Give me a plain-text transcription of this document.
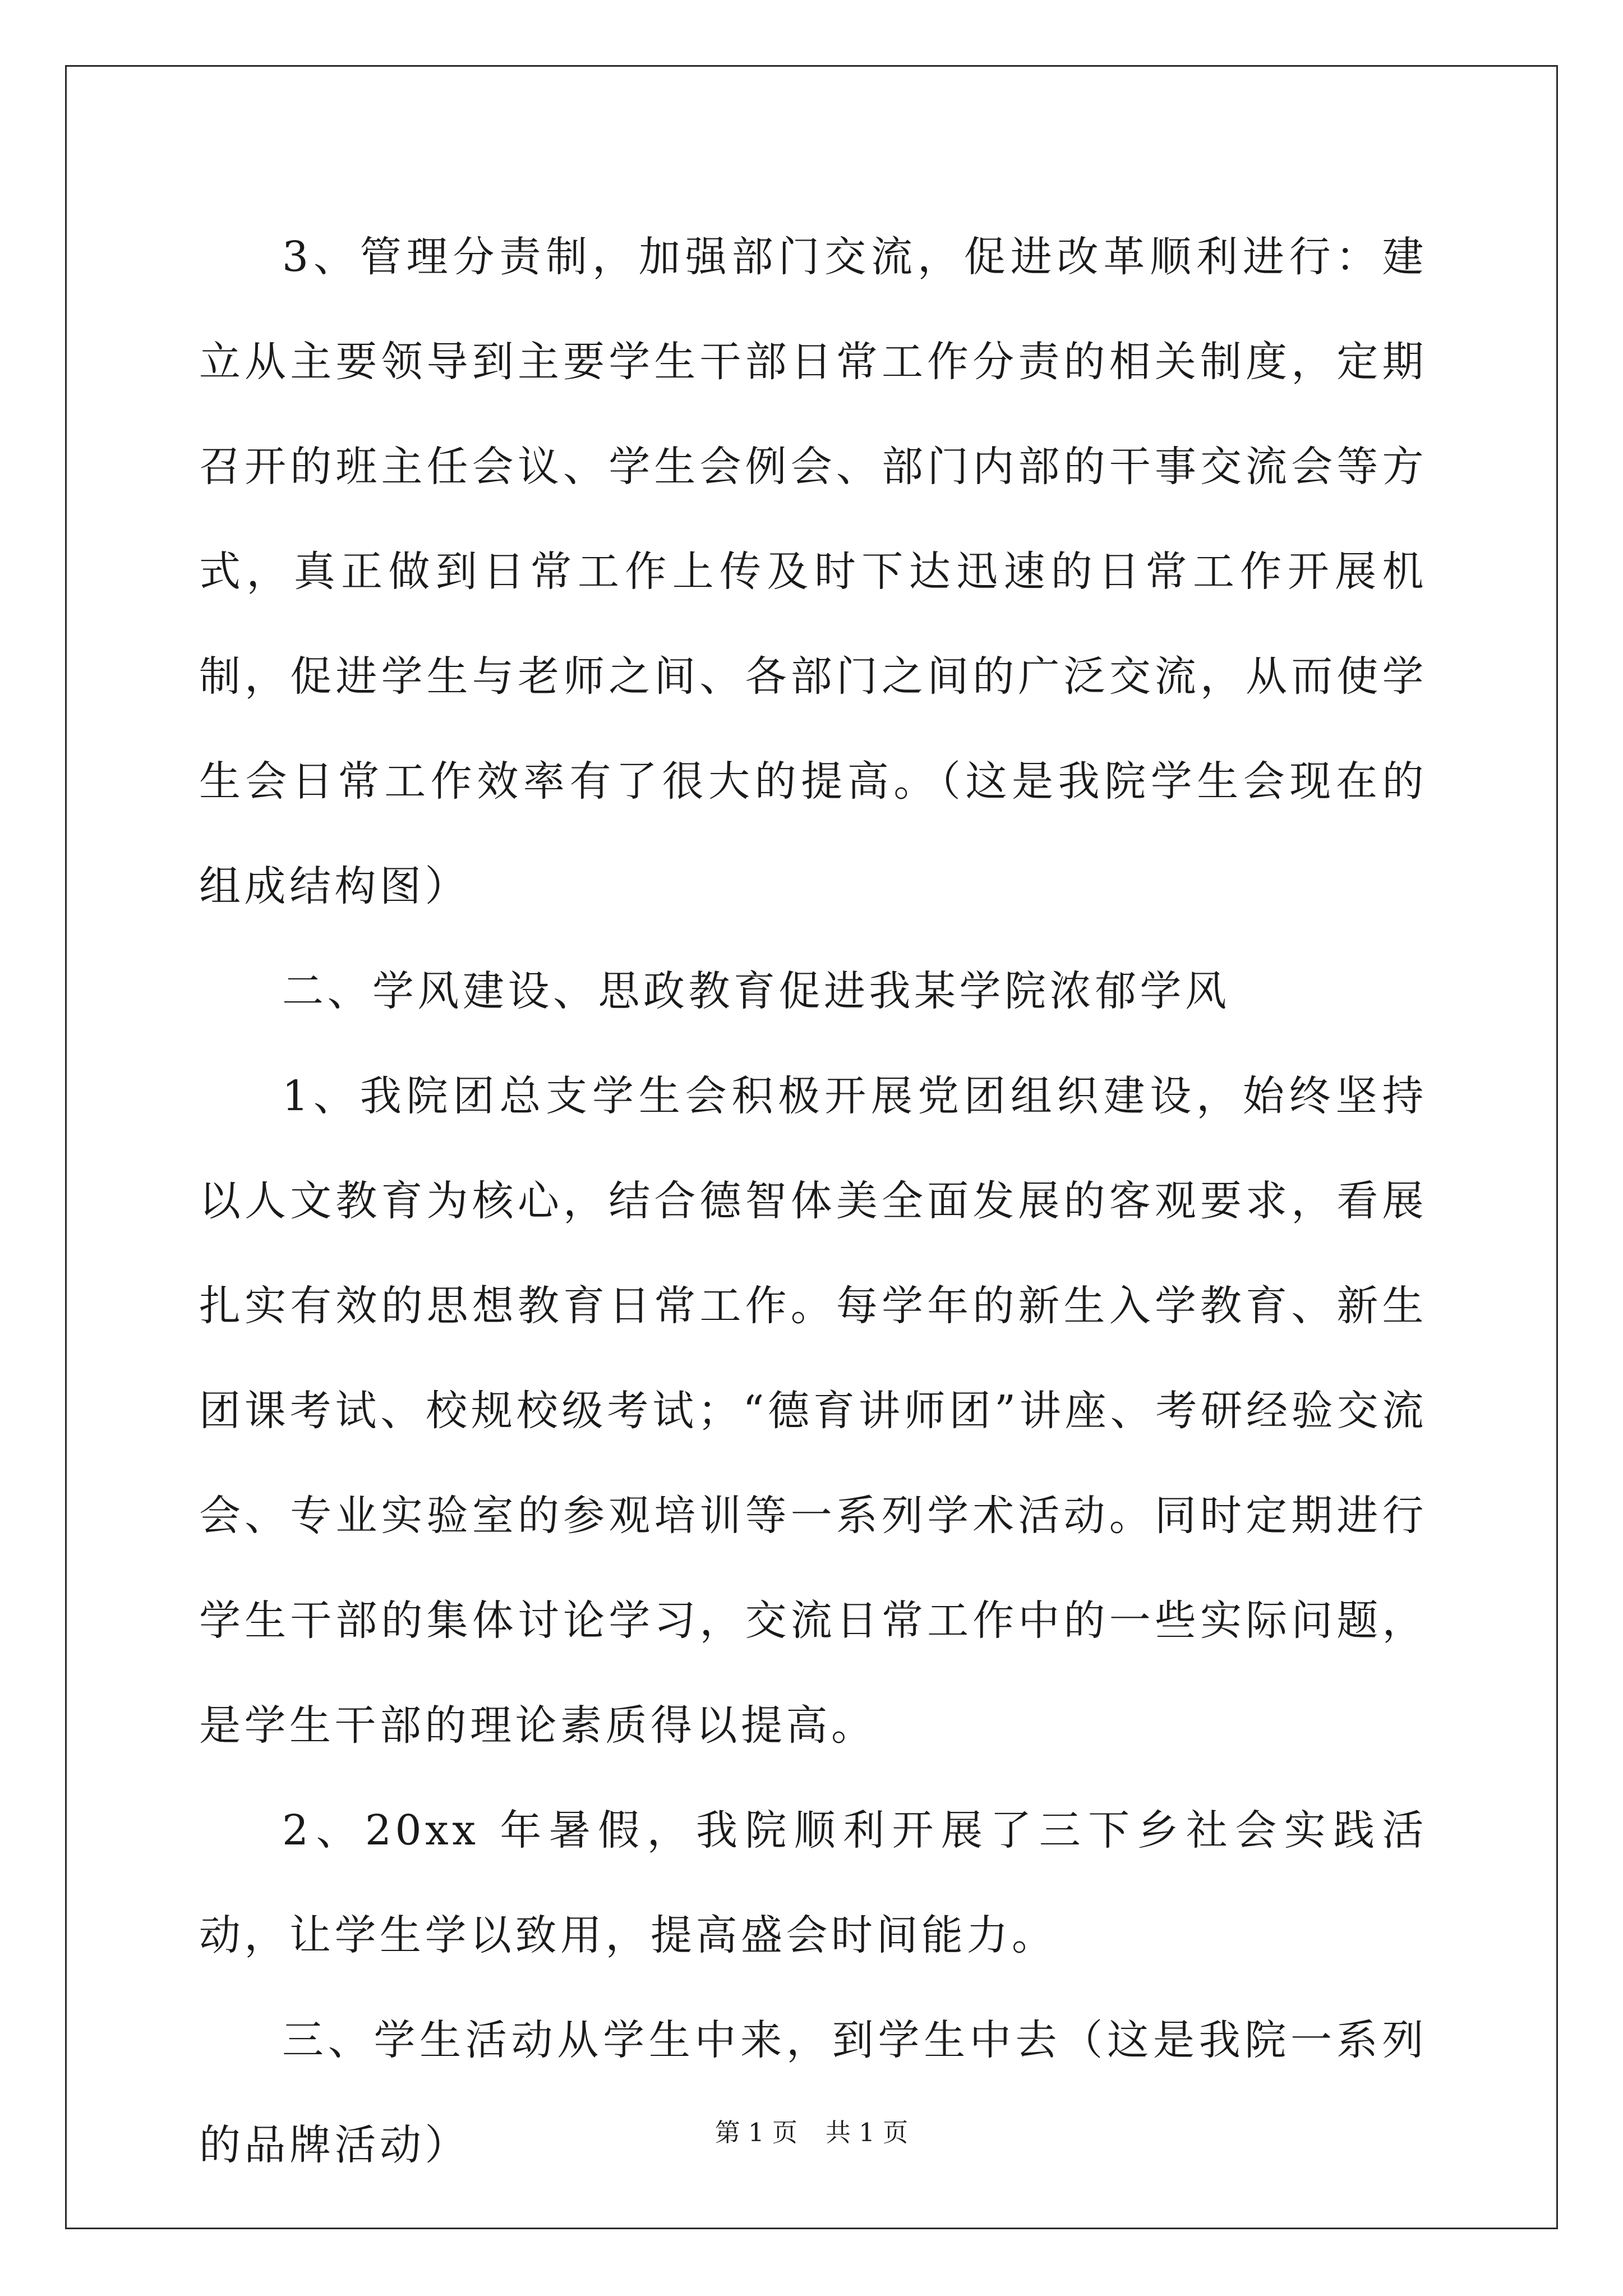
3、管理分责制，加强部门交流，促进改革顺利进行：建立从主要领导到主要学生干部日常工作分责的相关制度，定期召开的班主任会议、学生会例会、部门内部的干事交流会等方式，真正做到日常工作上传及时下达迅速的日常工作开展机制，促进学生与老师之间、各部门之间的广泛交流，从而使学生会日常工作效率有了很大的提高。（这是我院学生会现在的组成结构图）

二、学风建设、思政教育促进我某学院浓郁学风

1、我院团总支学生会积极开展党团组织建设，始终坚持以人文教育为核心，结合德智体美全面发展的客观要求，看展扎实有效的思想教育日常工作。每学年的新生入学教育、新生团课考试、校规校级考试；“德育讲师团”讲座、考研经验交流会、专业实验室的参观培训等一系列学术活动。同时定期进行学生干部的集体讨论学习，交流日常工作中的一些实际问题，是学生干部的理论素质得以提高。

2、20xx 年暑假，我院顺利开展了三下乡社会实践活动，让学生学以致用，提高盛会时间能力。

三、学生活动从学生中来，到学生中去（这是我院一系列的品牌活动）	第 1 页 共 1 页
